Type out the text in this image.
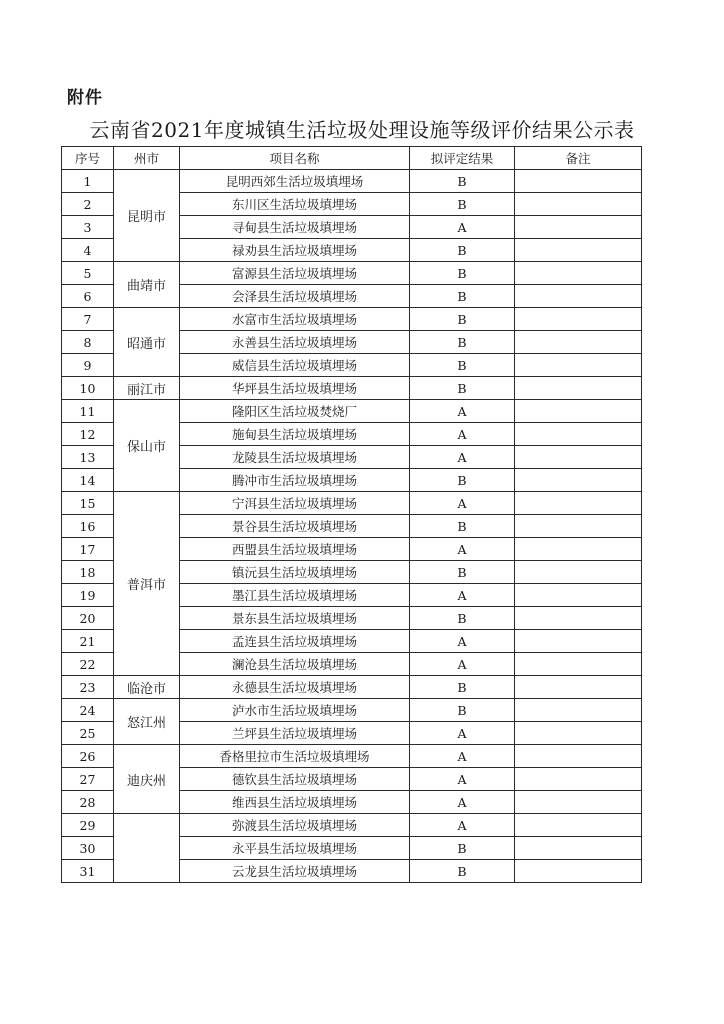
附件
云南省2021年度城镇生活垃圾处理设施等级评价结果公示表
序号	州市	项目名称	拟评定结果	备注
1	昆明市	昆明西郊生活垃圾填埋场	B	
2		东川区生活垃圾填埋场	B	
3		寻甸县生活垃圾填埋场	A	
4		禄劝县生活垃圾填埋场	B	
5	曲靖市	富源县生活垃圾填埋场	B	
6		会泽县生活垃圾填埋场	B	
7	昭通市	水富市生活垃圾填埋场	B	
8		永善县生活垃圾填埋场	B	
9		威信县生活垃圾填埋场	B	
10	丽江市	华坪县生活垃圾填埋场	B	
11	保山市	隆阳区生活垃圾焚烧厂	A	
12		施甸县生活垃圾填埋场	A	
13		龙陵县生活垃圾填埋场	A	
14		腾冲市生活垃圾填埋场	B	
15	普洱市	宁洱县生活垃圾填埋场	A	
16		景谷县生活垃圾填埋场	B	
17		西盟县生活垃圾填埋场	A	
18		镇沅县生活垃圾填埋场	B	
19		墨江县生活垃圾填埋场	A	
20		景东县生活垃圾填埋场	B	
21		孟连县生活垃圾填埋场	A	
22		澜沧县生活垃圾填埋场	A	
23	临沧市	永德县生活垃圾填埋场	B	
24	怒江州	泸水市生活垃圾填埋场	B	
25		兰坪县生活垃圾填埋场	A	
26	迪庆州	香格里拉市生活垃圾填埋场	A	
27		德钦县生活垃圾填埋场	A	
28		维西县生活垃圾填埋场	A	
29		弥渡县生活垃圾填埋场	A	
30		永平县生活垃圾填埋场	B	
31		云龙县生活垃圾填埋场	B	
